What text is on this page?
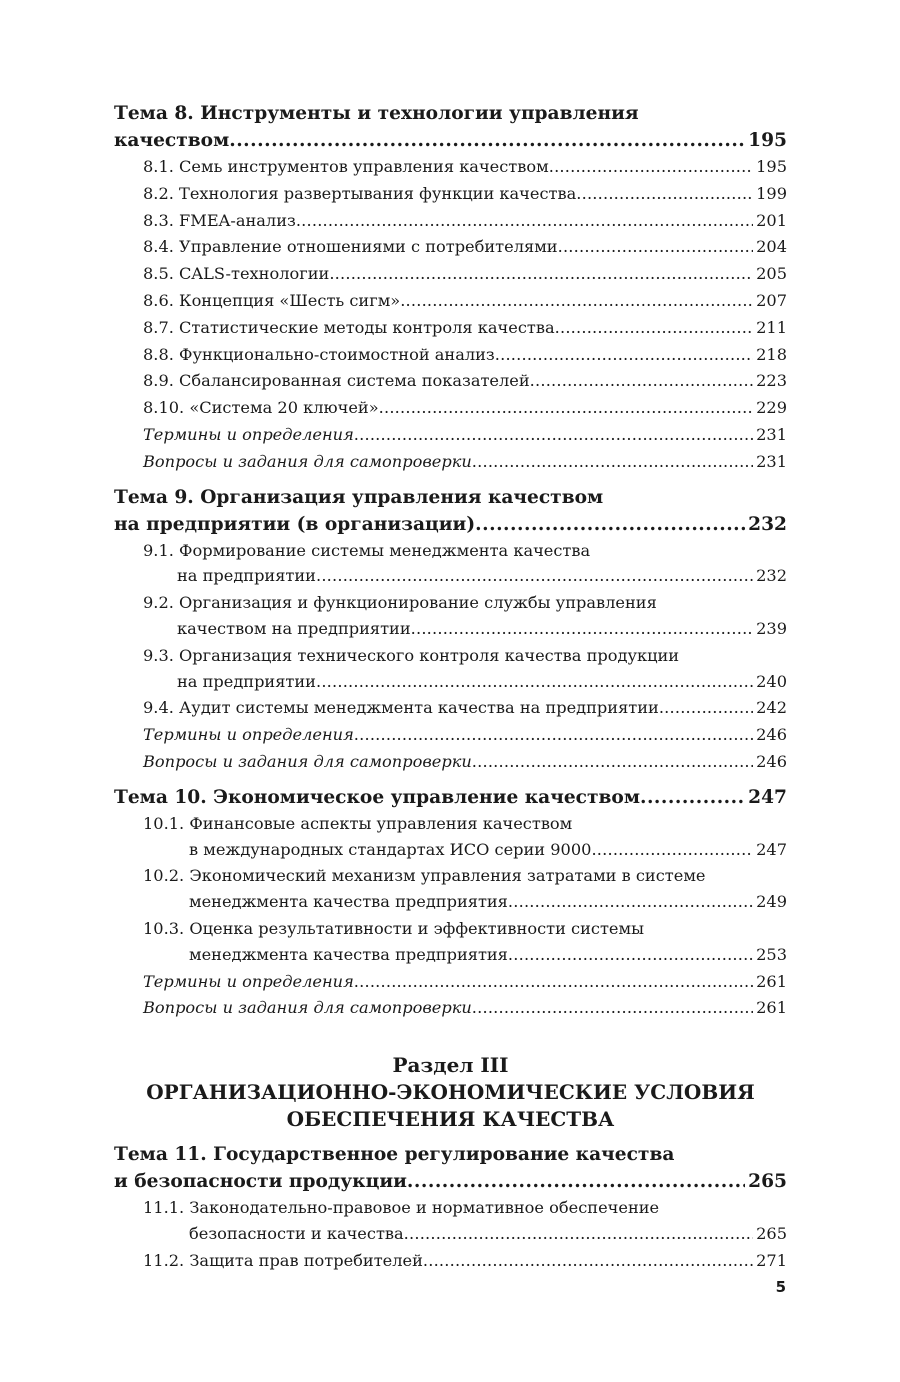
Тема 8. Инструменты и технологии управления
качеством .....	195
8.1. Семь инструментов управления качеством .....	195
8.2. Технология развертывания функции качества .....	199
8.3. FMEA-анализ .....	201
8.4. Управление отношениями с потребителями .....	204
8.5. CALS-технологии .....	205
8.6. Концепция «Шесть сигм» .....	207
8.7. Статистические методы контроля качества .....	211
8.8. Функционально-стоимостной анализ .....	218
8.9. Сбалансированная система показателей .....	223
8.10. «Система 20 ключей» .....	229
Термины и определения .....	231
Вопросы и задания для самопроверки .....	231
Тема 9. Организация управления качеством
на предприятии (в организации) .....	232
9.1. Формирование системы менеджмента качества
на предприятии .....	232
9.2. Организация и функционирование службы управления
качеством на предприятии .....	239
9.3. Организация технического контроля качества продукции
на предприятии .....	240
9.4. Аудит системы менеджмента качества на предприятии .....	242
Термины и определения .....	246
Вопросы и задания для самопроверки .....	246
Тема 10. Экономическое управление качеством .....	247
10.1. Финансовые аспекты управления качеством
в международных стандартах ИСО серии 9000 .....	247
10.2. Экономический механизм управления затратами в системе
менеджмента качества предприятия .....	249
10.3. Оценка результативности и эффективности системы
менеджмента качества предприятия .....	253
Термины и определения .....	261
Вопросы и задания для самопроверки .....	261
Раздел III
ОРГАНИЗАЦИОННО-ЭКОНОМИЧЕСКИЕ УСЛОВИЯ
ОБЕСПЕЧЕНИЯ КАЧЕСТВА
Тема 11. Государственное регулирование качества
и безопасности продукции .....	265
11.1. Законодательно-правовое и нормативное обеспечение
безопасности и качества .....	265
11.2. Защита прав потребителей .....	271
5
